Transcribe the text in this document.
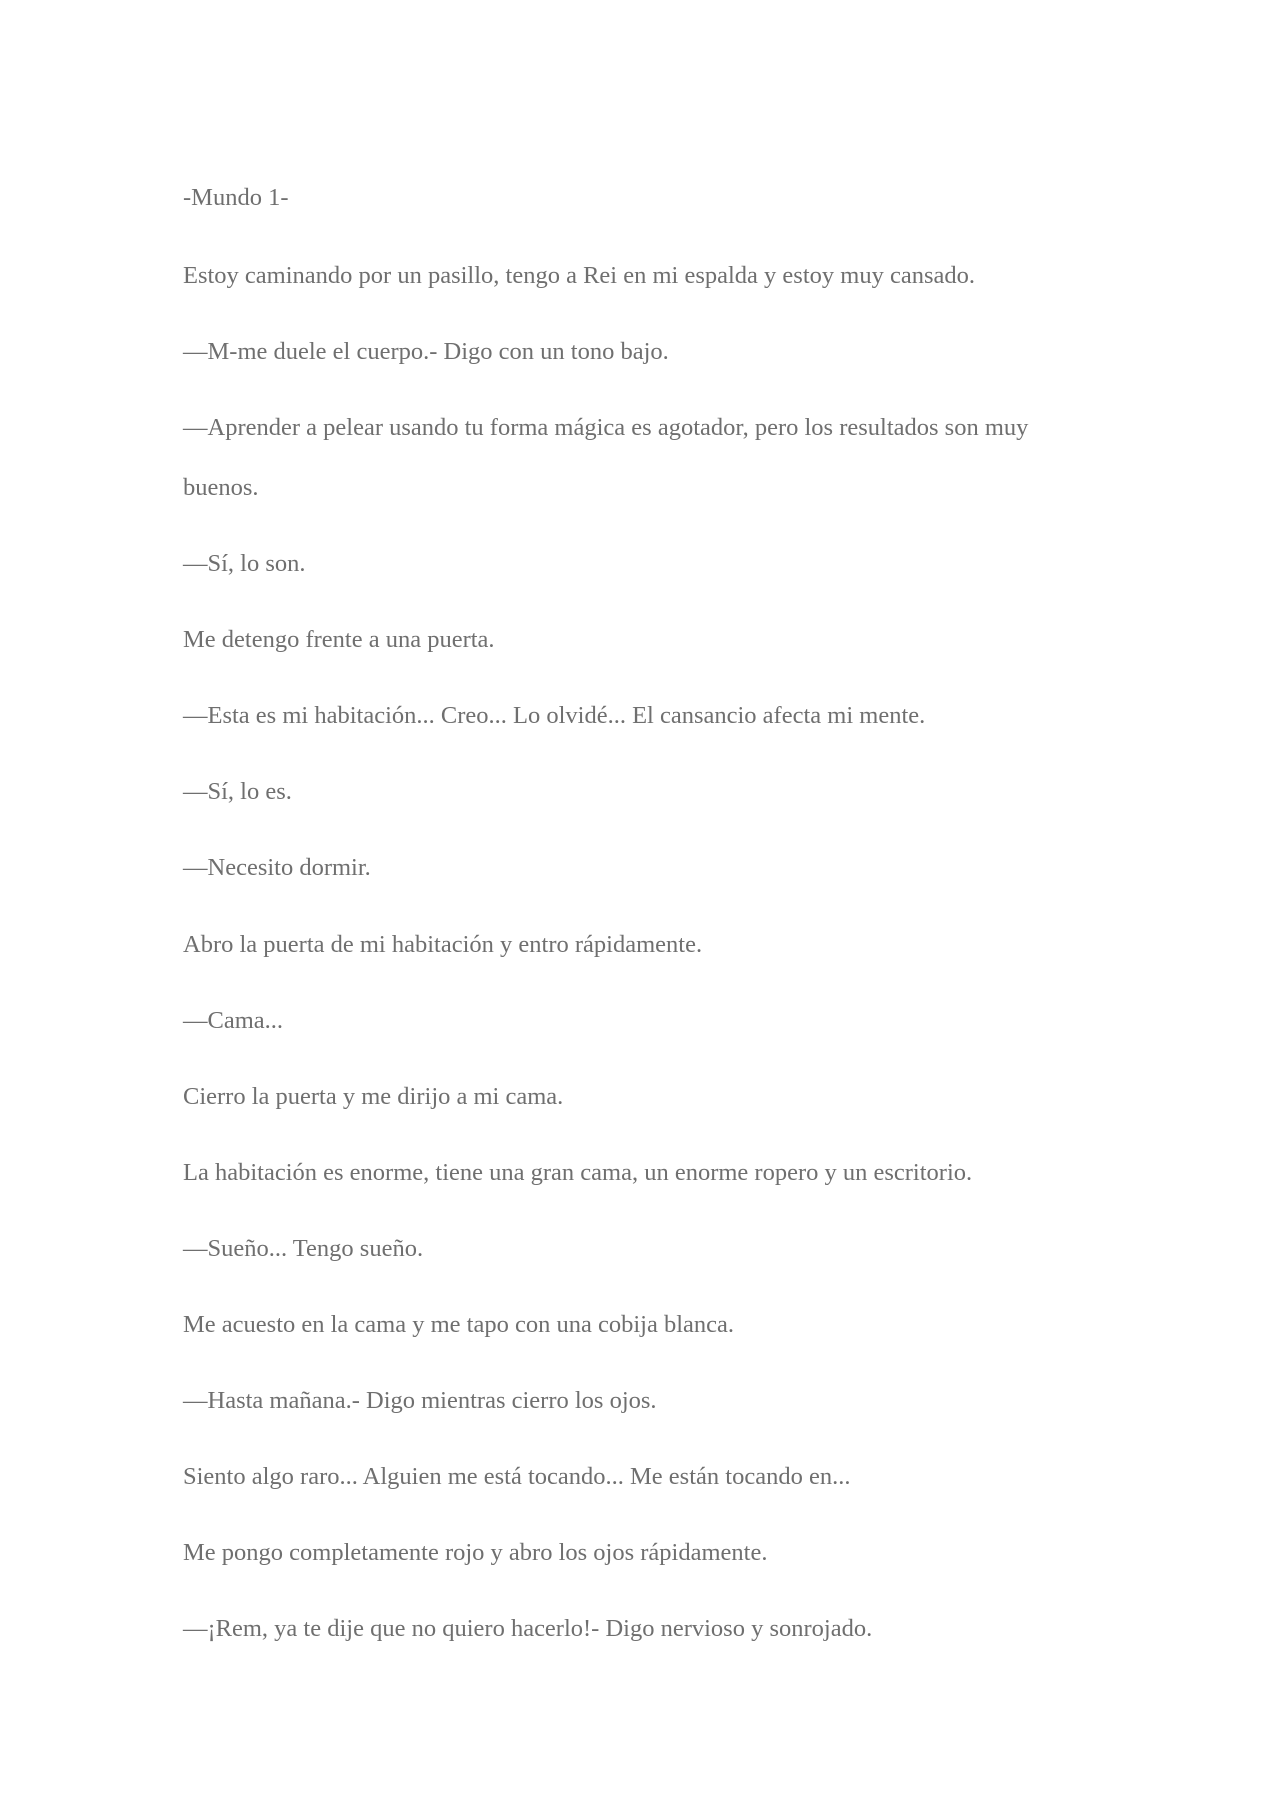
-Mundo 1-
Estoy caminando por un pasillo, tengo a Rei en mi espalda y estoy muy cansado.
—M-me duele el cuerpo.- Digo con un tono bajo.
—Aprender a pelear usando tu forma mágica es agotador, pero los resultados son muy
buenos.
—Sí, lo son.
Me detengo frente a una puerta.
—Esta es mi habitación... Creo... Lo olvidé... El cansancio afecta mi mente.
—Sí, lo es.
—Necesito dormir.
Abro la puerta de mi habitación y entro rápidamente.
—Cama...
Cierro la puerta y me dirijo a mi cama.
La habitación es enorme, tiene una gran cama, un enorme ropero y un escritorio.
—Sueño... Tengo sueño.
Me acuesto en la cama y me tapo con una cobija blanca.
—Hasta mañana.- Digo mientras cierro los ojos.
Siento algo raro... Alguien me está tocando... Me están tocando en...
Me pongo completamente rojo y abro los ojos rápidamente.
—¡Rem, ya te dije que no quiero hacerlo!- Digo nervioso y sonrojado.
